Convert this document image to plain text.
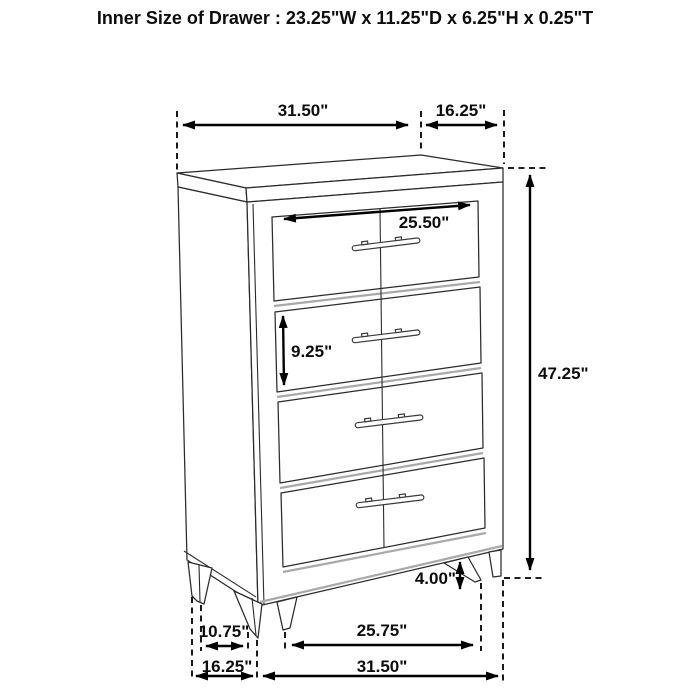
Inner Size of Drawer : 23.25"W x 11.25"D x 6.25"H x 0.25"T
31.50"	16.25"
25.50"
9.25"
47.25"
4.00"
10.75"	25.75"
16.25"	31.50"
